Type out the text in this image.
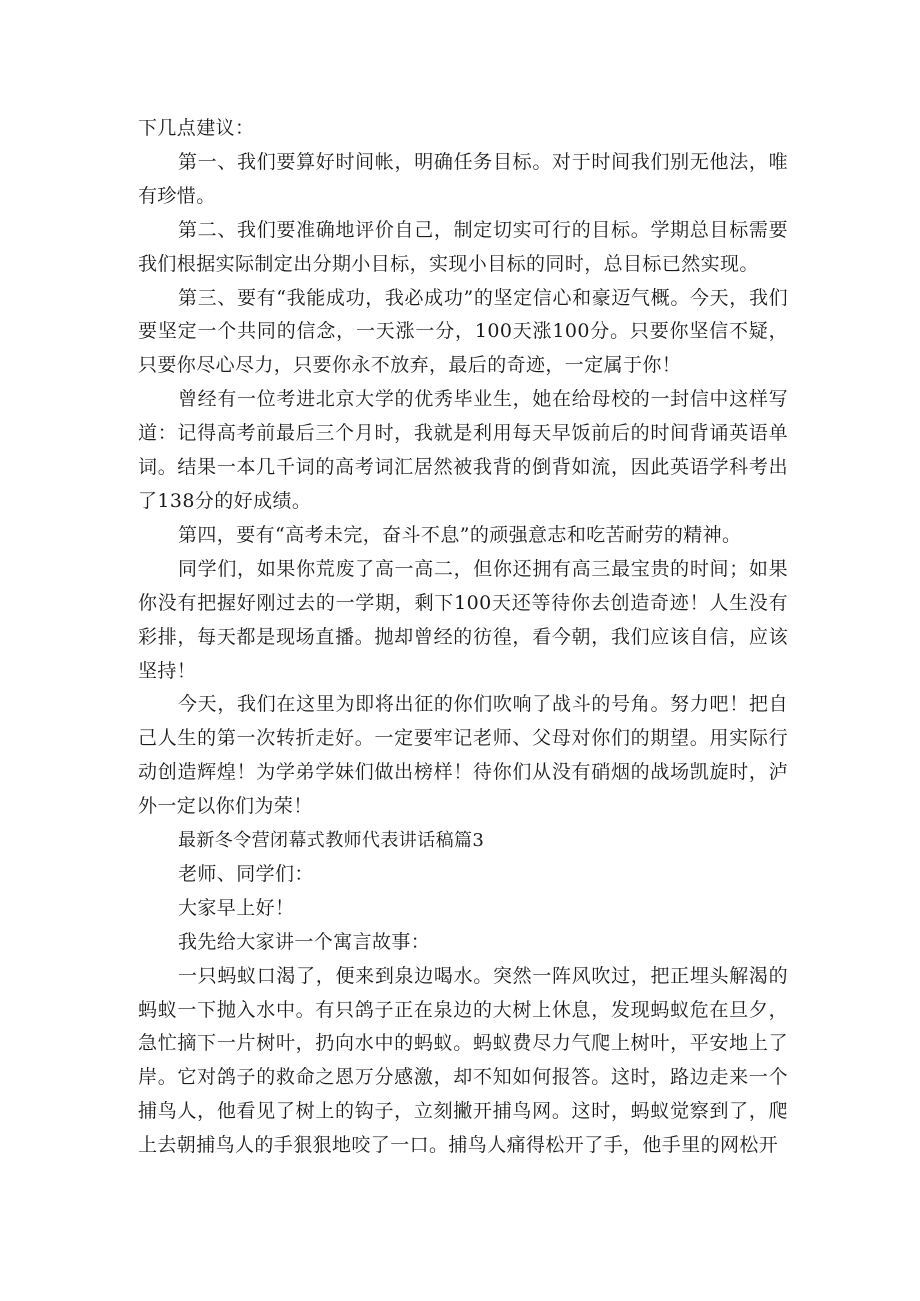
下几点建议：

第一、我们要算好时间帐，明确任务目标。对于时间我们别无他法，唯有珍惜。

第二、我们要准确地评价自己，制定切实可行的目标。学期总目标需要我们根据实际制定出分期小目标，实现小目标的同时，总目标已然实现。

第三、要有“我能成功，我必成功”的坚定信心和豪迈气概。今天，我们要坚定一个共同的信念，一天涨一分，100天涨100分。只要你坚信不疑，只要你尽心尽力，只要你永不放弃，最后的奇迹，一定属于你！

曾经有一位考进北京大学的优秀毕业生，她在给母校的一封信中这样写道：记得高考前最后三个月时，我就是利用每天早饭前后的时间背诵英语单词。结果一本几千词的高考词汇居然被我背的倒背如流，因此英语学科考出了138分的好成绩。

第四，要有“高考未完，奋斗不息”的顽强意志和吃苦耐劳的精神。

同学们，如果你荒废了高一高二，但你还拥有高三最宝贵的时间；如果你没有把握好刚过去的一学期，剩下100天还等待你去创造奇迹！人生没有彩排，每天都是现场直播。抛却曾经的彷徨，看今朝，我们应该自信，应该坚持！

今天，我们在这里为即将出征的你们吹响了战斗的号角。努力吧！把自己人生的第一次转折走好。一定要牢记老师、父母对你们的期望。用实际行动创造辉煌！为学弟学妹们做出榜样！待你们从没有硝烟的战场凯旋时，泸外一定以你们为荣！

最新冬令营闭幕式教师代表讲话稿篇3

老师、同学们：

大家早上好！

我先给大家讲一个寓言故事：

一只蚂蚁口渴了，便来到泉边喝水。突然一阵风吹过，把正埋头解渴的蚂蚁一下抛入水中。有只鸽子正在泉边的大树上休息，发现蚂蚁危在旦夕，急忙摘下一片树叶，扔向水中的蚂蚁。蚂蚁费尽力气爬上树叶，平安地上了岸。它对鸽子的救命之恩万分感激，却不知如何报答。这时，路边走来一个捕鸟人，他看见了树上的钩子，立刻撇开捕鸟网。这时，蚂蚁觉察到了，爬上去朝捕鸟人的手狠狠地咬了一口。捕鸟人痛得松开了手，他手里的网松开
